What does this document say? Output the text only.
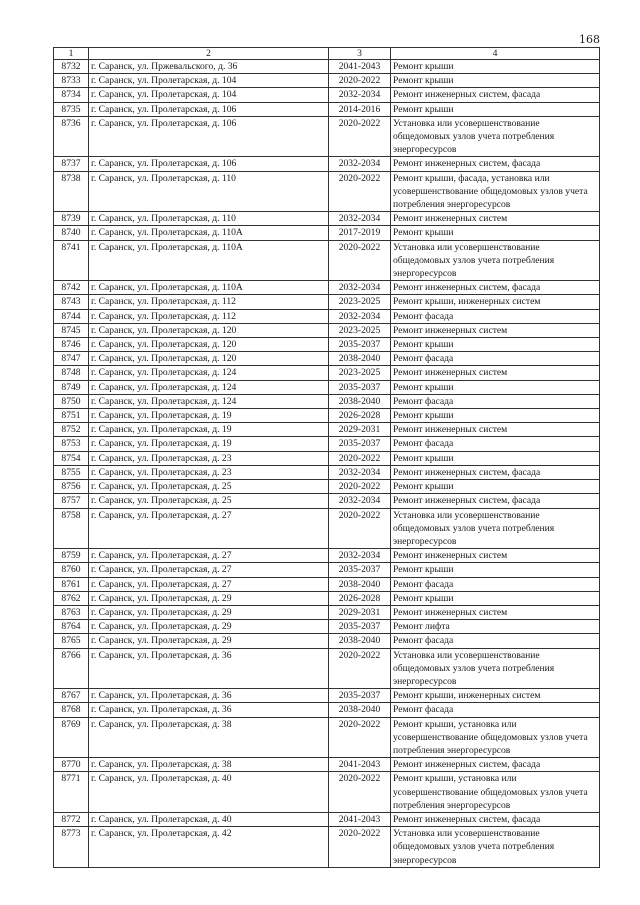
168
1	2	3	4
8732	г. Саранск, ул. Пржевальского, д. 36	2041-2043	Ремонт крыши
8733	г. Саранск, ул. Пролетарская, д. 104	2020-2022	Ремонт крыши
8734	г. Саранск, ул. Пролетарская, д. 104	2032-2034	Ремонт инженерных систем, фасада
8735	г. Саранск, ул. Пролетарская, д. 106	2014-2016	Ремонт крыши
8736	г. Саранск, ул. Пролетарская, д. 106	2020-2022	Установка или усовершенствование общедомовых узлов учета потребления энергоресурсов
8737	г. Саранск, ул. Пролетарская, д. 106	2032-2034	Ремонт инженерных систем, фасада
8738	г. Саранск, ул. Пролетарская, д. 110	2020-2022	Ремонт крыши, фасада, установка или усовершенствование общедомовых узлов учета потребления энергоресурсов
8739	г. Саранск, ул. Пролетарская, д. 110	2032-2034	Ремонт инженерных систем
8740	г. Саранск, ул. Пролетарская, д. 110А	2017-2019	Ремонт крыши
8741	г. Саранск, ул. Пролетарская, д. 110А	2020-2022	Установка или усовершенствование общедомовых узлов учета потребления энергоресурсов
8742	г. Саранск, ул. Пролетарская, д. 110А	2032-2034	Ремонт инженерных систем, фасада
8743	г. Саранск, ул. Пролетарская, д. 112	2023-2025	Ремонт крыши, инженерных систем
8744	г. Саранск, ул. Пролетарская, д. 112	2032-2034	Ремонт фасада
8745	г. Саранск, ул. Пролетарская, д. 120	2023-2025	Ремонт инженерных систем
8746	г. Саранск, ул. Пролетарская, д. 120	2035-2037	Ремонт крыши
8747	г. Саранск, ул. Пролетарская, д. 120	2038-2040	Ремонт фасада
8748	г. Саранск, ул. Пролетарская, д. 124	2023-2025	Ремонт инженерных систем
8749	г. Саранск, ул. Пролетарская, д. 124	2035-2037	Ремонт крыши
8750	г. Саранск, ул. Пролетарская, д. 124	2038-2040	Ремонт фасада
8751	г. Саранск, ул. Пролетарская, д. 19	2026-2028	Ремонт крыши
8752	г. Саранск, ул. Пролетарская, д. 19	2029-2031	Ремонт инженерных систем
8753	г. Саранск, ул. Пролетарская, д. 19	2035-2037	Ремонт фасада
8754	г. Саранск, ул. Пролетарская, д. 23	2020-2022	Ремонт крыши
8755	г. Саранск, ул. Пролетарская, д. 23	2032-2034	Ремонт инженерных систем, фасада
8756	г. Саранск, ул. Пролетарская, д. 25	2020-2022	Ремонт крыши
8757	г. Саранск, ул. Пролетарская, д. 25	2032-2034	Ремонт инженерных систем, фасада
8758	г. Саранск, ул. Пролетарская, д. 27	2020-2022	Установка или усовершенствование общедомовых узлов учета потребления энергоресурсов
8759	г. Саранск, ул. Пролетарская, д. 27	2032-2034	Ремонт инженерных систем
8760	г. Саранск, ул. Пролетарская, д. 27	2035-2037	Ремонт крыши
8761	г. Саранск, ул. Пролетарская, д. 27	2038-2040	Ремонт фасада
8762	г. Саранск, ул. Пролетарская, д. 29	2026-2028	Ремонт крыши
8763	г. Саранск, ул. Пролетарская, д. 29	2029-2031	Ремонт инженерных систем
8764	г. Саранск, ул. Пролетарская, д. 29	2035-2037	Ремонт лифта
8765	г. Саранск, ул. Пролетарская, д. 29	2038-2040	Ремонт фасада
8766	г. Саранск, ул. Пролетарская, д. 36	2020-2022	Установка или усовершенствование общедомовых узлов учета потребления энергоресурсов
8767	г. Саранск, ул. Пролетарская, д. 36	2035-2037	Ремонт крыши, инженерных систем
8768	г. Саранск, ул. Пролетарская, д. 36	2038-2040	Ремонт фасада
8769	г. Саранск, ул. Пролетарская, д. 38	2020-2022	Ремонт крыши, установка или усовершенствование общедомовых узлов учета потребления энергоресурсов
8770	г. Саранск, ул. Пролетарская, д. 38	2041-2043	Ремонт инженерных систем, фасада
8771	г. Саранск, ул. Пролетарская, д. 40	2020-2022	Ремонт крыши, установка или усовершенствование общедомовых узлов учета потребления энергоресурсов
8772	г. Саранск, ул. Пролетарская, д. 40	2041-2043	Ремонт инженерных систем, фасада
8773	г. Саранск, ул. Пролетарская, д. 42	2020-2022	Установка или усовершенствование общедомовых узлов учета потребления энергоресурсов
